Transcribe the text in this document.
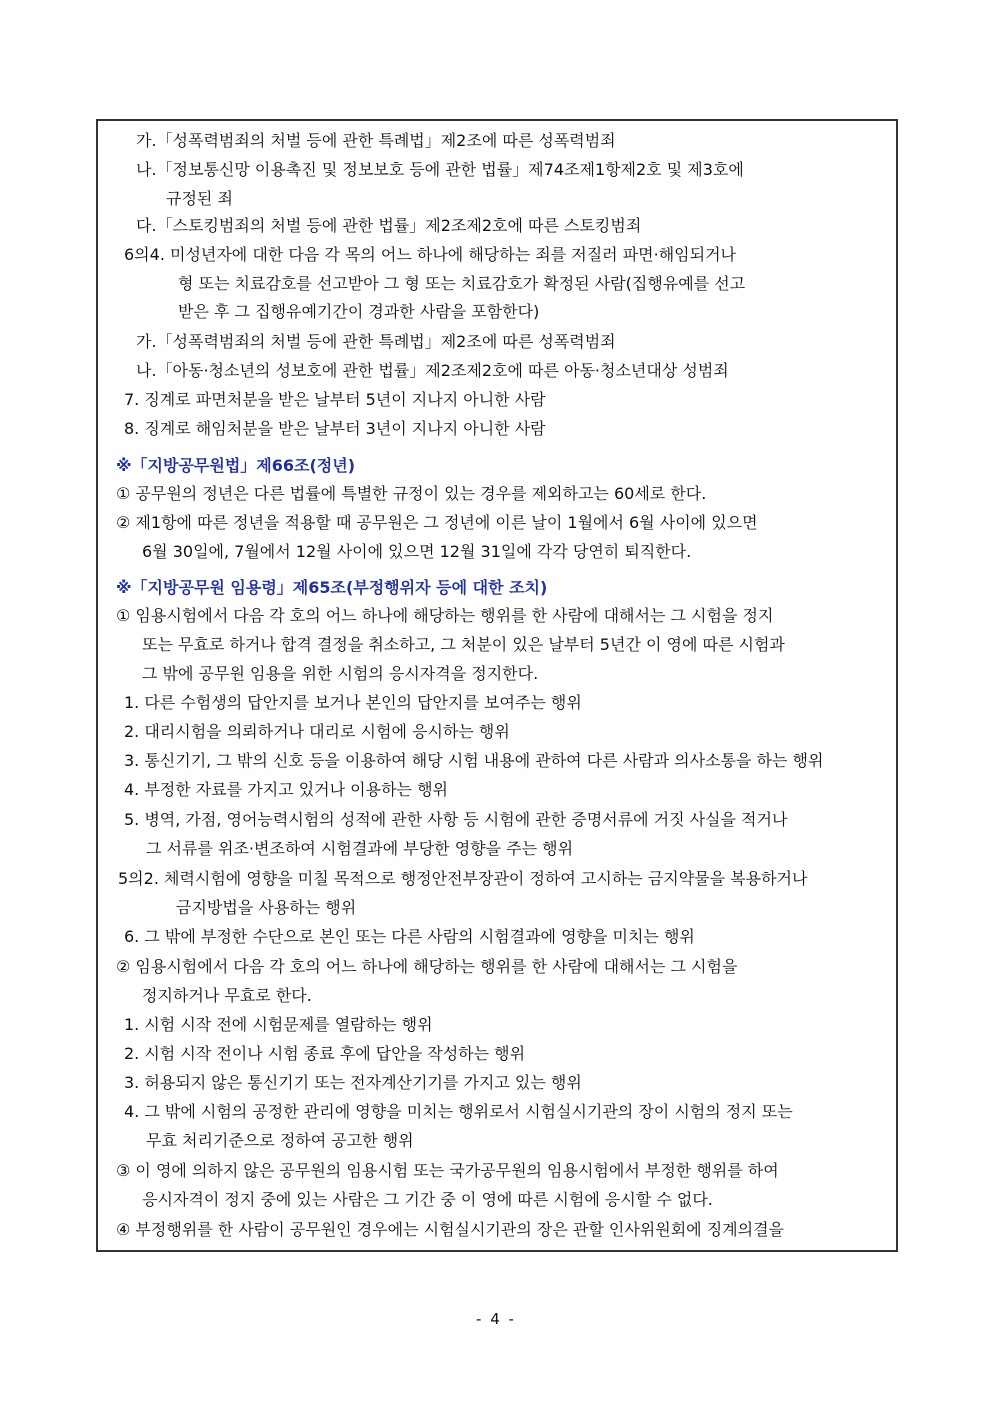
가.「성폭력범죄의 처벌 등에 관한 특례법」제2조에 따른 성폭력범죄
나.「정보통신망 이용촉진 및 정보보호 등에 관한 법률」제74조제1항제2호 및 제3호에
규정된 죄
다.「스토킹범죄의 처벌 등에 관한 법률」제2조제2호에 따른 스토킹범죄
6의4. 미성년자에 대한 다음 각 목의 어느 하나에 해당하는 죄를 저질러 파면·해임되거나
형 또는 치료감호를 선고받아 그 형 또는 치료감호가 확정된 사람(집행유예를 선고
받은 후 그 집행유예기간이 경과한 사람을 포함한다)
가.「성폭력범죄의 처벌 등에 관한 특례법」제2조에 따른 성폭력범죄
나.「아동·청소년의 성보호에 관한 법률」제2조제2호에 따른 아동·청소년대상 성범죄
7. 징계로 파면처분을 받은 날부터 5년이 지나지 아니한 사람
8. 징계로 해임처분을 받은 날부터 3년이 지나지 아니한 사람
※「지방공무원법」제66조(정년)
① 공무원의 정년은 다른 법률에 특별한 규정이 있는 경우를 제외하고는 60세로 한다.
② 제1항에 따른 정년을 적용할 때 공무원은 그 정년에 이른 날이 1월에서 6월 사이에 있으면
6월 30일에, 7월에서 12월 사이에 있으면 12월 31일에 각각 당연히 퇴직한다.
※「지방공무원 임용령」제65조(부정행위자 등에 대한 조치)
① 임용시험에서 다음 각 호의 어느 하나에 해당하는 행위를 한 사람에 대해서는 그 시험을 정지
또는 무효로 하거나 합격 결정을 취소하고, 그 처분이 있은 날부터 5년간 이 영에 따른 시험과
그 밖에 공무원 임용을 위한 시험의 응시자격을 정지한다.
1. 다른 수험생의 답안지를 보거나 본인의 답안지를 보여주는 행위
2. 대리시험을 의뢰하거나 대리로 시험에 응시하는 행위
3. 통신기기, 그 밖의 신호 등을 이용하여 해당 시험 내용에 관하여 다른 사람과 의사소통을 하는 행위
4. 부정한 자료를 가지고 있거나 이용하는 행위
5. 병역, 가점, 영어능력시험의 성적에 관한 사항 등 시험에 관한 증명서류에 거짓 사실을 적거나
그 서류를 위조·변조하여 시험결과에 부당한 영향을 주는 행위
5의2. 체력시험에 영향을 미칠 목적으로 행정안전부장관이 정하여 고시하는 금지약물을 복용하거나
금지방법을 사용하는 행위
6. 그 밖에 부정한 수단으로 본인 또는 다른 사람의 시험결과에 영향을 미치는 행위
② 임용시험에서 다음 각 호의 어느 하나에 해당하는 행위를 한 사람에 대해서는 그 시험을
정지하거나 무효로 한다.
1. 시험 시작 전에 시험문제를 열람하는 행위
2. 시험 시작 전이나 시험 종료 후에 답안을 작성하는 행위
3. 허용되지 않은 통신기기 또는 전자계산기기를 가지고 있는 행위
4. 그 밖에 시험의 공정한 관리에 영향을 미치는 행위로서 시험실시기관의 장이 시험의 정지 또는
무효 처리기준으로 정하여 공고한 행위
③ 이 영에 의하지 않은 공무원의 임용시험 또는 국가공무원의 임용시험에서 부정한 행위를 하여
응시자격이 정지 중에 있는 사람은 그 기간 중 이 영에 따른 시험에 응시할 수 없다.
④ 부정행위를 한 사람이 공무원인 경우에는 시험실시기관의 장은 관할 인사위원회에 징계의결을
- 4 -
